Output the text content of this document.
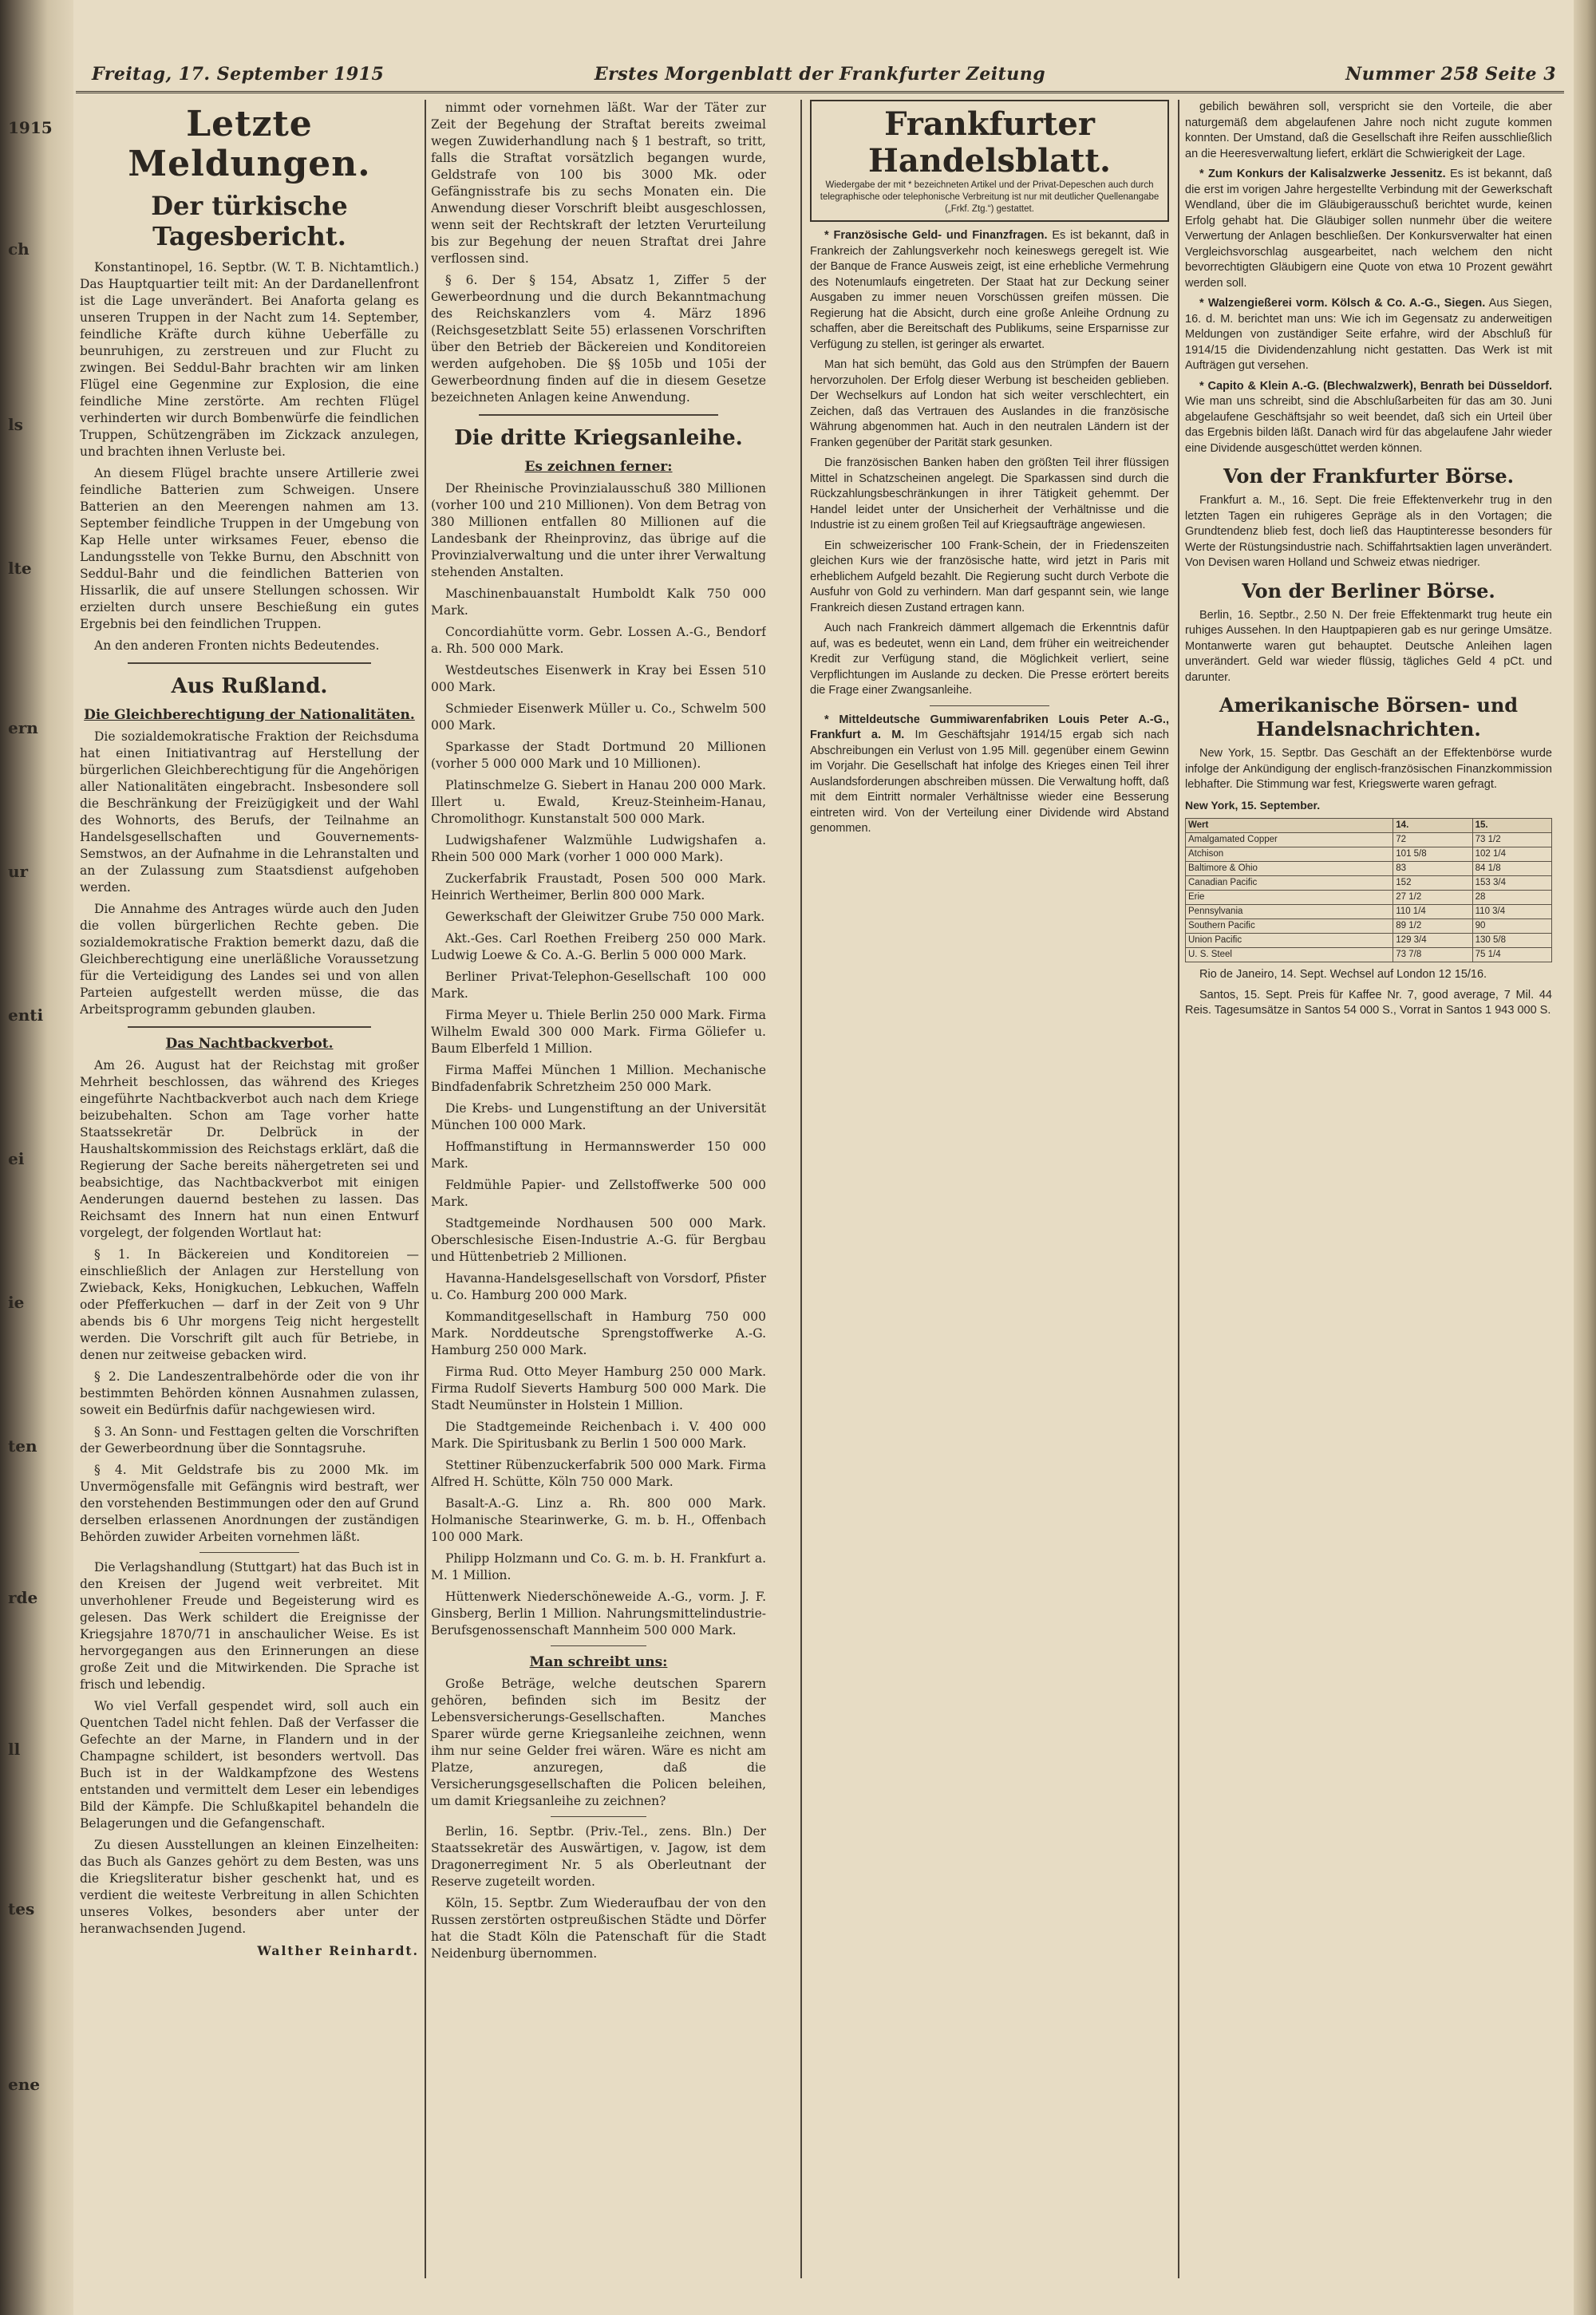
1915
ch
ls
lte
ern
ur
enti
ei
ie
ten
rde
ll
tes
ene
Freitag, 17. September 1915	Erstes Morgenblatt der Frankfurter Zeitung	Nummer 258 Seite 3
Letzte Meldungen.
Der türkische Tagesbericht.

Konstantinopel, 16. Septbr. (W. T. B. Nichtamtlich.) Das Hauptquartier teilt mit: An der Dardanellenfront ist die Lage unverändert. Bei Anaforta gelang es unseren Truppen in der Nacht zum 14. September, feindliche Kräfte durch kühne Ueberfälle zu beunruhigen, zu zerstreuen und zur Flucht zu zwingen. Bei Seddul-Bahr brachten wir am linken Flügel eine Gegenmine zur Explosion, die eine feindliche Mine zerstörte. Am rechten Flügel verhinderten wir durch Bombenwürfe die feindlichen Truppen, Schützengräben im Zickzack anzulegen, und brachten ihnen Verluste bei.

An diesem Flügel brachte unsere Artillerie zwei feindliche Batterien zum Schweigen. Unsere Batterien an den Meerengen nahmen am 13. September feindliche Truppen in der Umgebung von Kap Helle unter wirksames Feuer, ebenso die Landungsstelle von Tekke Burnu, den Abschnitt von Seddul-Bahr und die feindlichen Batterien von Hissarlik, die auf unsere Stellungen schossen. Wir erzielten durch unsere Beschießung ein gutes Ergebnis bei den feindlichen Truppen.

An den anderen Fronten nichts Bedeutendes.

Aus Rußland.
Die Gleichberechtigung der Nationalitäten.

Die sozialdemokratische Fraktion der Reichsduma hat einen Initiativantrag auf Herstellung der bürgerlichen Gleichberechtigung für die Angehörigen aller Nationalitäten eingebracht. Insbesondere soll die Beschränkung der Freizügigkeit und der Wahl des Wohnorts, des Berufs, der Teilnahme an Handelsgesellschaften und Gouvernements-Semstwos, an der Aufnahme in die Lehranstalten und an der Zulassung zum Staatsdienst aufgehoben werden.

Die Annahme des Antrages würde auch den Juden die vollen bürgerlichen Rechte geben. Die sozialdemokratische Fraktion bemerkt dazu, daß die Gleichberechtigung eine unerläßliche Voraussetzung für die Verteidigung des Landes sei und von allen Parteien aufgestellt werden müsse, die das Arbeitsprogramm gebunden glauben.

Das Nachtbackverbot.

Am 26. August hat der Reichstag mit großer Mehrheit beschlossen, das während des Krieges eingeführte Nachtbackverbot auch nach dem Kriege beizubehalten. Schon am Tage vorher hatte Staatssekretär Dr. Delbrück in der Haushaltskommission des Reichstags erklärt, daß die Regierung der Sache bereits nähergetreten sei und beabsichtige, das Nachtbackverbot mit einigen Aenderungen dauernd bestehen zu lassen. Das Reichsamt des Innern hat nun einen Entwurf vorgelegt, der folgenden Wortlaut hat:

§ 1. In Bäckereien und Konditoreien — einschließlich der Anlagen zur Herstellung von Zwieback, Keks, Honigkuchen, Lebkuchen, Waffeln oder Pfefferkuchen — darf in der Zeit von 9 Uhr abends bis 6 Uhr morgens Teig nicht hergestellt werden. Die Vorschrift gilt auch für Betriebe, in denen nur zeitweise gebacken wird.

§ 2. Die Landeszentralbehörde oder die von ihr bestimmten Behörden können Ausnahmen zulassen, soweit ein Bedürfnis dafür nachgewiesen wird.

§ 3. An Sonn- und Festtagen gelten die Vorschriften der Gewerbeordnung über die Sonntagsruhe.

§ 4. Mit Geldstrafe bis zu 2000 Mk. im Unvermögensfalle mit Gefängnis wird bestraft, wer den vorstehenden Bestimmungen oder den auf Grund derselben erlassenen Anordnungen der zuständigen Behörden zuwider Arbeiten vornehmen läßt.

Die Verlagshandlung (Stuttgart) hat das Buch ist in den Kreisen der Jugend weit verbreitet. Mit unverhohlener Freude und Begeisterung wird es gelesen. Das Werk schildert die Ereignisse der Kriegsjahre 1870/71 in anschaulicher Weise. Es ist hervorgegangen aus den Erinnerungen an diese große Zeit und die Mitwirkenden. Die Sprache ist frisch und lebendig.

Wo viel Verfall gespendet wird, soll auch ein Quentchen Tadel nicht fehlen. Daß der Verfasser die Gefechte an der Marne, in Flandern und in der Champagne schildert, ist besonders wertvoll. Das Buch ist in der Waldkampfzone des Westens entstanden und vermittelt dem Leser ein lebendiges Bild der Kämpfe. Die Schlußkapitel behandeln die Belagerungen und die Gefangenschaft.

Zu diesen Ausstellungen an kleinen Einzelheiten: das Buch als Ganzes gehört zu dem Besten, was uns die Kriegsliteratur bisher geschenkt hat, und es verdient die weiteste Verbreitung in allen Schichten unseres Volkes, besonders aber unter der heranwachsenden Jugend.

Walther Reinhardt.

nimmt oder vornehmen läßt. War der Täter zur Zeit der Begehung der Straftat bereits zweimal wegen Zuwiderhandlung nach § 1 bestraft, so tritt, falls die Straftat vorsätzlich begangen wurde, Geldstrafe von 100 bis 3000 Mk. oder Gefängnisstrafe bis zu sechs Monaten ein. Die Anwendung dieser Vorschrift bleibt ausgeschlossen, wenn seit der Rechtskraft der letzten Verurteilung bis zur Begehung der neuen Straftat drei Jahre verflossen sind.

§ 6. Der § 154, Absatz 1, Ziffer 5 der Gewerbeordnung und die durch Bekanntmachung des Reichskanzlers vom 4. März 1896 (Reichsgesetzblatt Seite 55) erlassenen Vorschriften über den Betrieb der Bäckereien und Konditoreien werden aufgehoben. Die §§ 105b und 105i der Gewerbeordnung finden auf die in diesem Gesetze bezeichneten Anlagen keine Anwendung.

Die dritte Kriegsanleihe.
Es zeichnen ferner:

Der Rheinische Provinzialausschuß 380 Millionen (vorher 100 und 210 Millionen). Von dem Betrag von 380 Millionen entfallen 80 Millionen auf die Landesbank der Rheinprovinz, das übrige auf die Provinzialverwaltung und die unter ihrer Verwaltung stehenden Anstalten.

Maschinenbauanstalt Humboldt Kalk 750 000 Mark.

Concordiahütte vorm. Gebr. Lossen A.-G., Bendorf a. Rh. 500 000 Mark.

Westdeutsches Eisenwerk in Kray bei Essen 510 000 Mark.

Schmieder Eisenwerk Müller u. Co., Schwelm 500 000 Mark.

Sparkasse der Stadt Dortmund 20 Millionen (vorher 5 000 000 Mark und 10 Millionen).

Platinschmelze G. Siebert in Hanau 200 000 Mark. Illert u. Ewald, Kreuz-Steinheim-Hanau, Chromolithogr. Kunstanstalt 500 000 Mark.

Ludwigshafener Walzmühle Ludwigshafen a. Rhein 500 000 Mark (vorher 1 000 000 Mark).

Zuckerfabrik Fraustadt, Posen 500 000 Mark. Heinrich Wertheimer, Berlin 800 000 Mark.

Gewerkschaft der Gleiwitzer Grube 750 000 Mark.

Akt.-Ges. Carl Roethen Freiberg 250 000 Mark. Ludwig Loewe & Co. A.-G. Berlin 5 000 000 Mark.

Berliner Privat-Telephon-Gesellschaft 100 000 Mark.

Firma Meyer u. Thiele Berlin 250 000 Mark. Firma Wilhelm Ewald 300 000 Mark. Firma Göliefer u. Baum Elberfeld 1 Million.

Firma Maffei München 1 Million. Mechanische Bindfadenfabrik Schretzheim 250 000 Mark.

Die Krebs- und Lungenstiftung an der Universität München 100 000 Mark.

Hoffmanstiftung in Hermannswerder 150 000 Mark.

Feldmühle Papier- und Zellstoffwerke 500 000 Mark.

Stadtgemeinde Nordhausen 500 000 Mark. Oberschlesische Eisen-Industrie A.-G. für Bergbau und Hüttenbetrieb 2 Millionen.

Havanna-Handelsgesellschaft von Vorsdorf, Pfister u. Co. Hamburg 200 000 Mark.

Kommanditgesellschaft in Hamburg 750 000 Mark. Norddeutsche Sprengstoffwerke A.-G. Hamburg 250 000 Mark.

Firma Rud. Otto Meyer Hamburg 250 000 Mark. Firma Rudolf Sieverts Hamburg 500 000 Mark. Die Stadt Neumünster in Holstein 1 Million.

Die Stadtgemeinde Reichenbach i. V. 400 000 Mark. Die Spiritusbank zu Berlin 1 500 000 Mark.

Stettiner Rübenzuckerfabrik 500 000 Mark. Firma Alfred H. Schütte, Köln 750 000 Mark.

Basalt-A.-G. Linz a. Rh. 800 000 Mark. Holmanische Stearinwerke, G. m. b. H., Offenbach 100 000 Mark.

Philipp Holzmann und Co. G. m. b. H. Frankfurt a. M. 1 Million.

Hüttenwerk Niederschöneweide A.-G., vorm. J. F. Ginsberg, Berlin 1 Million. Nahrungsmittelindustrie-Berufsgenossenschaft Mannheim 500 000 Mark.

Man schreibt uns:

Große Beträge, welche deutschen Sparern gehören, befinden sich im Besitz der Lebensversicherungs-Gesellschaften. Manches Sparer würde gerne Kriegsanleihe zeichnen, wenn ihm nur seine Gelder frei wären. Wäre es nicht am Platze, anzuregen, daß die Versicherungsgesellschaften die Policen beleihen, um damit Kriegsanleihe zu zeichnen?

Berlin, 16. Septbr. (Priv.-Tel., zens. Bln.) Der Staatssekretär des Auswärtigen, v. Jagow, ist dem Dragonerregiment Nr. 5 als Oberleutnant der Reserve zugeteilt worden.

Köln, 15. Septbr. Zum Wiederaufbau der von den Russen zerstörten ostpreußischen Städte und Dörfer hat die Stadt Köln die Patenschaft für die Stadt Neidenburg übernommen.

Frankfurter Handelsblatt.
Wiedergabe der mit * bezeichneten Artikel und der Privat-Depeschen auch durch telegraphische oder telephonische Verbreitung ist nur mit deutlicher Quellenangabe („Frkf. Ztg.“) gestattet.

* Französische Geld- und Finanzfragen. Es ist bekannt, daß in Frankreich der Zahlungsverkehr noch keineswegs geregelt ist. Wie der Banque de France Ausweis zeigt, ist eine erhebliche Vermehrung des Notenumlaufs eingetreten. Der Staat hat zur Deckung seiner Ausgaben zu immer neuen Vorschüssen greifen müssen. Die Regierung hat die Absicht, durch eine große Anleihe Ordnung zu schaffen, aber die Bereitschaft des Publikums, seine Ersparnisse zur Verfügung zu stellen, ist geringer als erwartet.

Man hat sich bemüht, das Gold aus den Strümpfen der Bauern hervorzuholen. Der Erfolg dieser Werbung ist bescheiden geblieben. Der Wechselkurs auf London hat sich weiter verschlechtert, ein Zeichen, daß das Vertrauen des Auslandes in die französische Währung abgenommen hat. Auch in den neutralen Ländern ist der Franken gegenüber der Parität stark gesunken.

Die französischen Banken haben den größten Teil ihrer flüssigen Mittel in Schatzscheinen angelegt. Die Sparkassen sind durch die Rückzahlungsbeschränkungen in ihrer Tätigkeit gehemmt. Der Handel leidet unter der Unsicherheit der Verhältnisse und die Industrie ist zu einem großen Teil auf Kriegsaufträge angewiesen.

Ein schweizerischer 100 Frank-Schein, der in Friedenszeiten gleichen Kurs wie der französische hatte, wird jetzt in Paris mit erheblichem Aufgeld bezahlt. Die Regierung sucht durch Verbote die Ausfuhr von Gold zu verhindern. Man darf gespannt sein, wie lange Frankreich diesen Zustand ertragen kann.

Auch nach Frankreich dämmert allgemach die Erkenntnis dafür auf, was es bedeutet, wenn ein Land, dem früher ein weitreichender Kredit zur Verfügung stand, die Möglichkeit verliert, seine Verpflichtungen im Auslande zu decken. Die Presse erörtert bereits die Frage einer Zwangsanleihe.

* Mitteldeutsche Gummiwarenfabriken Louis Peter A.-G., Frankfurt a. M. Im Geschäftsjahr 1914/15 ergab sich nach Abschreibungen ein Verlust von 1.95 Mill. gegenüber einem Gewinn im Vorjahr. Die Gesellschaft hat infolge des Krieges einen Teil ihrer Auslandsforderungen abschreiben müssen. Die Verwaltung hofft, daß mit dem Eintritt normaler Verhältnisse wieder eine Besserung eintreten wird. Von der Verteilung einer Dividende wird Abstand genommen.

gebilich bewähren soll, verspricht sie den Vorteile, die aber naturgemäß dem abgelaufenen Jahre noch nicht zugute kommen konnten. Der Umstand, daß die Gesellschaft ihre Reifen ausschließlich an die Heeresverwaltung liefert, erklärt die Schwierigkeit der Lage.

* Zum Konkurs der Kalisalzwerke Jessenitz. Es ist bekannt, daß die erst im vorigen Jahre hergestellte Verbindung mit der Gewerkschaft Wendland, über die im Gläubigerausschuß berichtet wurde, keinen Erfolg gehabt hat. Die Gläubiger sollen nunmehr über die weitere Verwertung der Anlagen beschließen. Der Konkursverwalter hat einen Vergleichsvorschlag ausgearbeitet, nach welchem den nicht bevorrechtigten Gläubigern eine Quote von etwa 10 Prozent gewährt werden soll.

* Walzengießerei vorm. Kölsch & Co. A.-G., Siegen. Aus Siegen, 16. d. M. berichtet man uns: Wie ich im Gegensatz zu anderweitigen Meldungen von zuständiger Seite erfahre, wird der Abschluß für 1914/15 die Dividendenzahlung nicht gestatten. Das Werk ist mit Aufträgen gut versehen.

* Capito & Klein A.-G. (Blechwalzwerk), Benrath bei Düsseldorf. Wie man uns schreibt, sind die Abschlußarbeiten für das am 30. Juni abgelaufene Geschäftsjahr so weit beendet, daß sich ein Urteil über das Ergebnis bilden läßt. Danach wird für das abgelaufene Jahr wieder eine Dividende ausgeschüttet werden können.

Von der Frankfurter Börse.

Frankfurt a. M., 16. Sept. Die freie Effektenverkehr trug in den letzten Tagen ein ruhigeres Gepräge als in den Vortagen; die Grundtendenz blieb fest, doch ließ das Hauptinteresse besonders für Werte der Rüstungsindustrie nach. Schiffahrtsaktien lagen unverändert. Von Devisen waren Holland und Schweiz etwas niedriger.

Von der Berliner Börse.

Berlin, 16. Septbr., 2.50 N. Der freie Effektenmarkt trug heute ein ruhiges Aussehen. In den Hauptpapieren gab es nur geringe Umsätze. Montanwerte waren gut behauptet. Deutsche Anleihen lagen unverändert. Geld war wieder flüssig, tägliches Geld 4 pCt. und darunter.

Amerikanische Börsen- und Handelsnachrichten.

New York, 15. Septbr. Das Geschäft an der Effektenbörse wurde infolge der Ankündigung der englisch-französischen Finanzkommission lebhafter. Die Stimmung war fest, Kriegswerte waren gefragt.

New York, 15. September.
Wert	14.	15.
Amalgamated Copper	72	73 1/2
Atchison	101 5/8	102 1/4
Baltimore & Ohio	83	84 1/8
Canadian Pacific	152	153 3/4
Erie	27 1/2	28
Pennsylvania	110 1/4	110 3/4
Southern Pacific	89 1/2	90
Union Pacific	129 3/4	130 5/8
U. S. Steel	73 7/8	75 1/4

Rio de Janeiro, 14. Sept. Wechsel auf London 12 15/16.

Santos, 15. Sept. Preis für Kaffee Nr. 7, good average, 7 Mil. 44 Reis. Tagesumsätze in Santos 54 000 S., Vorrat in Santos 1 943 000 S.
